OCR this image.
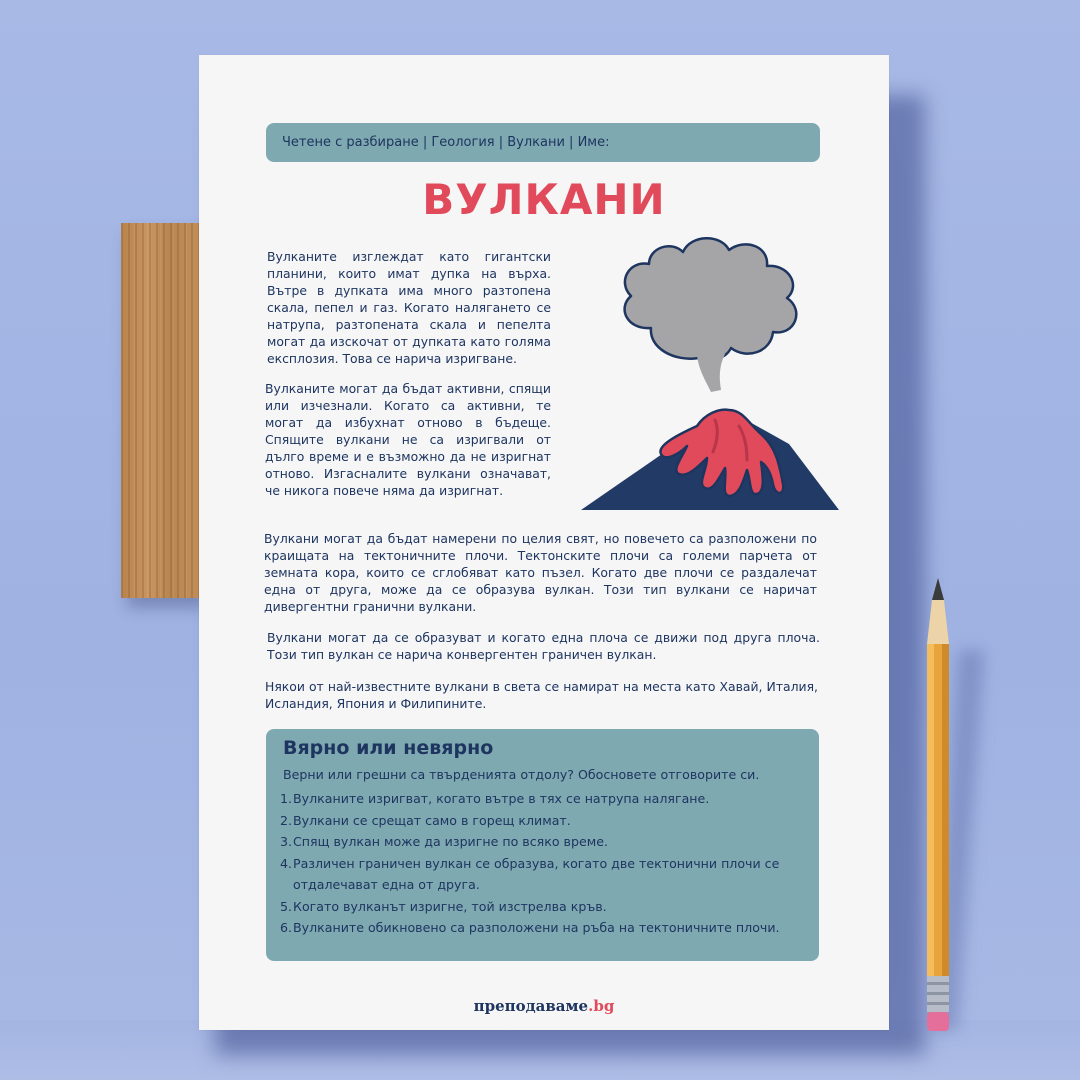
Четене с разбиране | Геология | Вулкани | Име:
ВУЛКАНИ

Вулканите изглеждат като гигантски планини, които имат дупка на върха. Вътре в дупката има много разтопена скала, пепел и газ. Когато налягането се натрупа, разтопената скала и пепелта могат да изскочат от дупката като голяма експлозия. Това се нарича изригване.

Вулканите могат да бъдат активни, спящи или изчезнали. Когато са активни, те могат да избухнат отново в бъдеще. Спящите вулкани не са изригвали от дълго време и е възможно да не изригнат отново. Изгасналите вулкани означават, че никога повече няма да изригнат.

Вулкани могат да бъдат намерени по целия свят, но повечето са разположени по краищата на тектоничните плочи. Тектонските плочи са големи парчета от земната кора, които се сглобяват като пъзел. Когато две плочи се раздалечат една от друга, може да се образува вулкан. Този тип вулкани се наричат дивергентни гранични вулкани.

Вулкани могат да се образуват и когато една плоча се движи под друга плоча. Този тип вулкан се нарича конвергентен граничен вулкан.

Някои от най-известните вулкани в света се намират на места като Хавай, Италия, Исландия, Япония и Филипините.

Вярно или невярно
Верни или грешни са твърденията отдолу? Обосновете отговорите си.
1. Вулканите изригват, когато вътре в тях се натрупа налягане.
2. Вулкани се срещат само в горещ климат.
3. Спящ вулкан може да изригне по всяко време.
4. Различен граничен вулкан се образува, когато две тектонични плочи се отдалечават една от друга.
5. Когато вулканът изригне, той изстрелва кръв.
6. Вулканите обикновено са разположени на ръба на тектоничните плочи.
преподаваме.bg
